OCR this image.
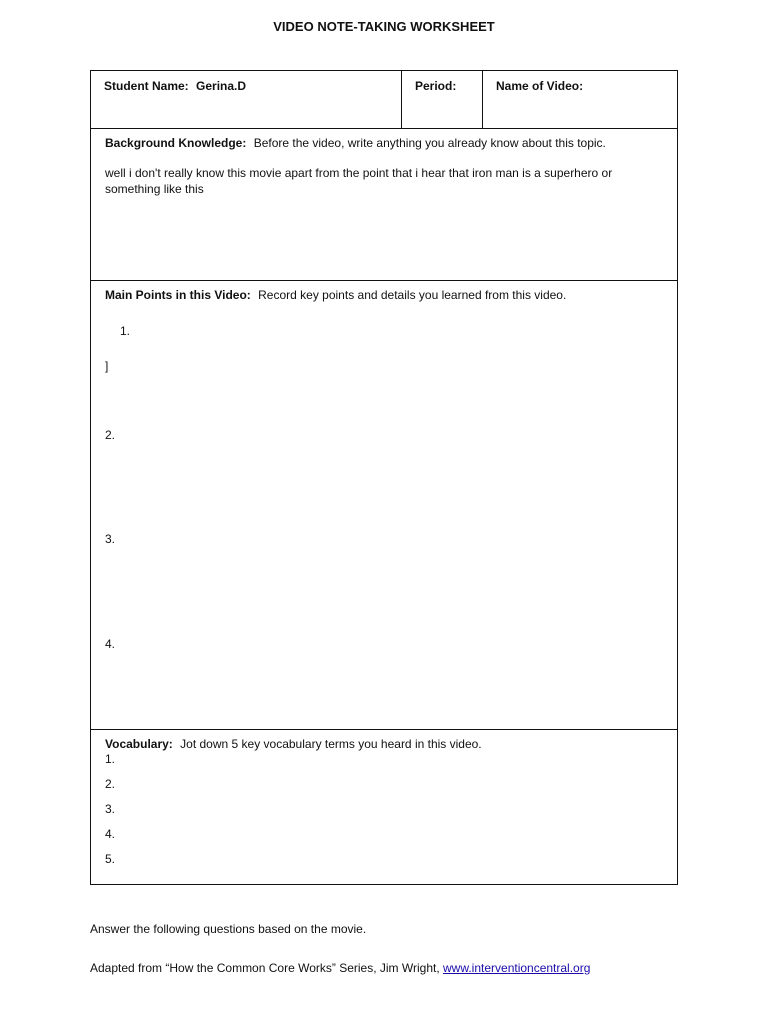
VIDEO NOTE-TAKING WORKSHEET
Student Name: Gerina.D	Period:	Name of Video:
Background Knowledge: Before the video, write anything you already know about this topic.
well i don't really know this movie apart from the point that i hear that iron man is a superhero or something like this
Main Points in this Video: Record key points and details you learned from this video.
1.
]
2.
3.
4.
Vocabulary: Jot down 5 key vocabulary terms you heard in this video.
1.
2.
3.
4.
5.
Answer the following questions based on the movie.
Adapted from “How the Common Core Works” Series, Jim Wright, www.interventioncentral.org
